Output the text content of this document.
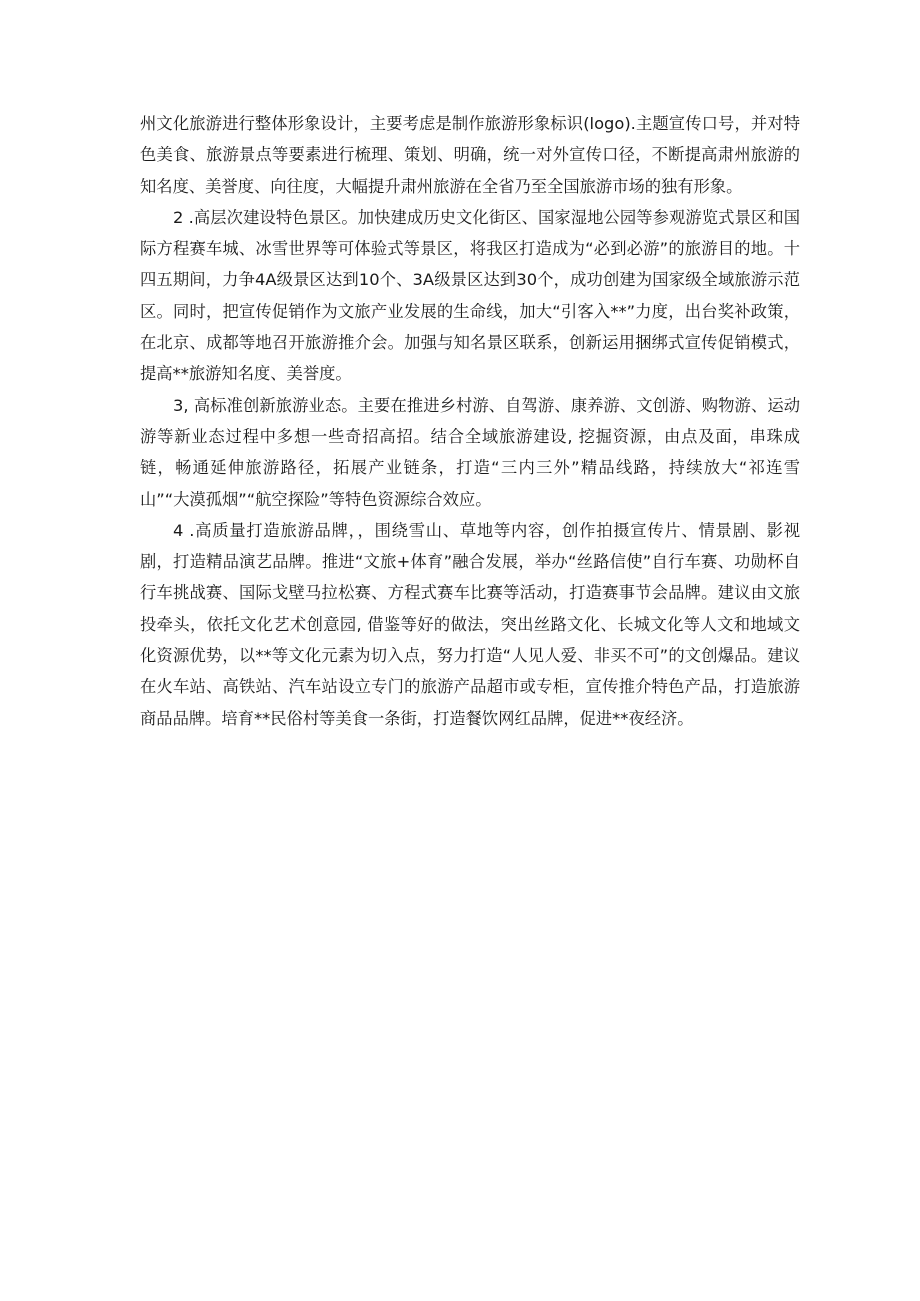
州文化旅游进行整体形象设计，主要考虑是制作旅游形象标识(logo).主题宣传口号，并对特色美食、旅游景点等要素进行梳理、策划、明确，统一对外宣传口径，不断提高肃州旅游的知名度、美誉度、向往度，大幅提升肃州旅游在全省乃至全国旅游市场的独有形象。

2 .高层次建设特色景区。加快建成历史文化街区、国家湿地公园等参观游览式景区和国际方程赛车城、冰雪世界等可体验式等景区，将我区打造成为“必到必游”的旅游目的地。十四五期间，力争4A级景区达到10个、3A级景区达到30个，成功创建为国家级全域旅游示范区。同时，把宣传促销作为文旅产业发展的生命线，加大“引客入**”力度，出台奖补政策，在北京、成都等地召开旅游推介会。加强与知名景区联系，创新运用捆绑式宣传促销模式，提高**旅游知名度、美誉度。

3, 高标准创新旅游业态。主要在推进乡村游、自驾游、康养游、文创游、购物游、运动游等新业态过程中多想一些奇招高招。结合全域旅游建设, 挖掘资源，由点及面，串珠成链，畅通延伸旅游路径，拓展产业链条，打造“三内三外”精品线路，持续放大“祁连雪山”“大漠孤烟”“航空探险”等特色资源综合效应。

4 .高质量打造旅游品牌，，围绕雪山、草地等内容，创作拍摄宣传片、情景剧、影视剧，打造精品演艺品牌。推进“文旅+体育”融合发展，举办“丝路信使”自行车赛、功勋杯自行车挑战赛、国际戈壁马拉松赛、方程式赛车比赛等活动，打造赛事节会品牌。建议由文旅投牵头，依托文化艺术创意园, 借鉴等好的做法，突出丝路文化、长城文化等人文和地域文化资源优势，以**等文化元素为切入点，努力打造“人见人爱、非买不可”的文创爆品。建议在火车站、高铁站、汽车站设立专门的旅游产品超市或专柜，宣传推介特色产品，打造旅游商品品牌。培育**民俗村等美食一条街，打造餐饮网红品牌，促进**夜经济。
